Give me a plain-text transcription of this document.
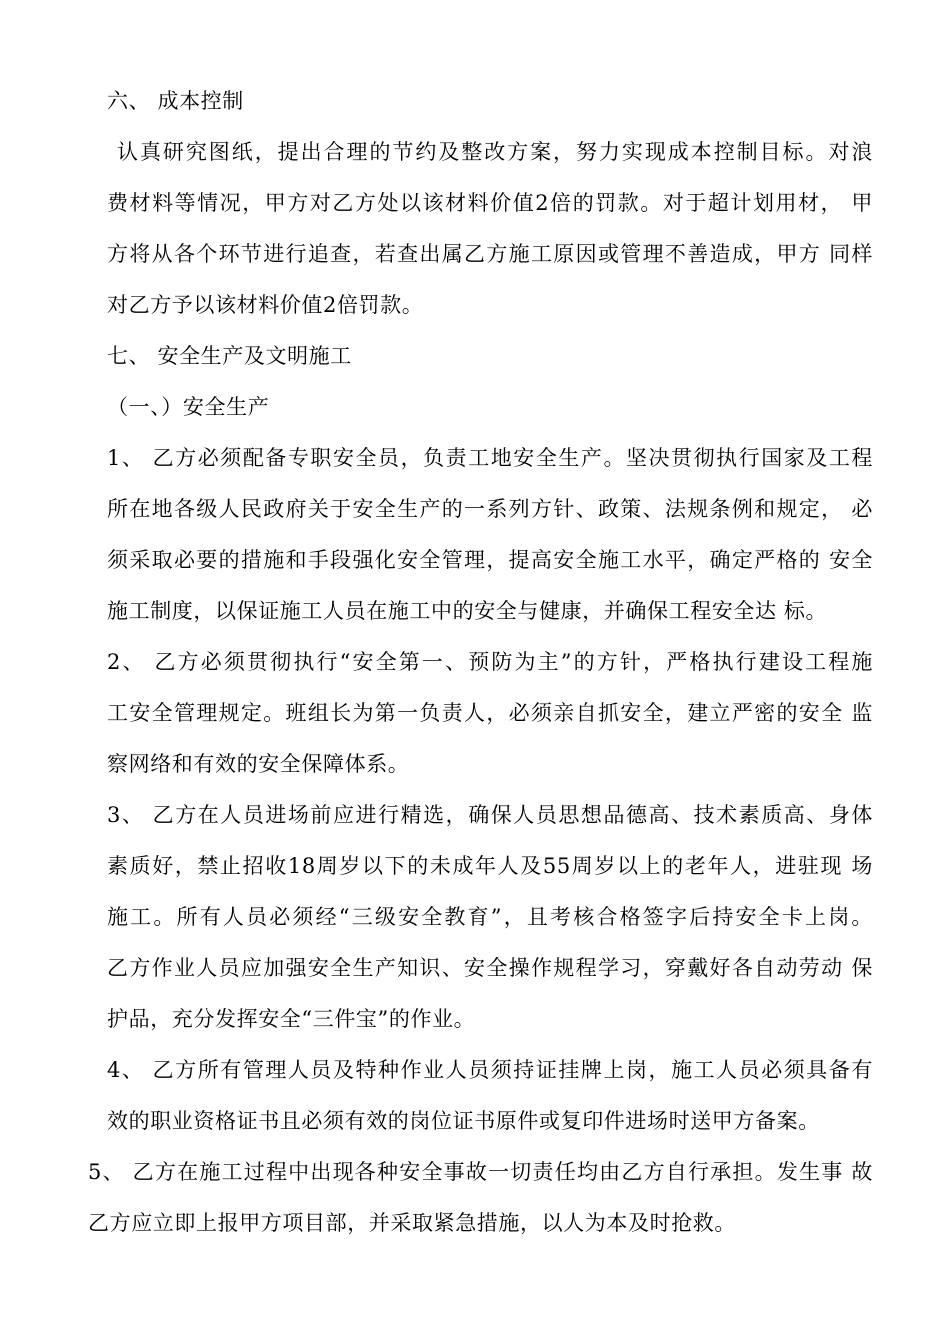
六、 成本控制
认真研究图纸，提出合理的节约及整改方案，努力实现成本控制目标。对浪
费材料等情况，甲方对乙方处以该材料价值2倍的罚款。对于超计划用材， 甲
方将从各个环节进行追查，若查出属乙方施工原因或管理不善造成，甲方 同样
对乙方予以该材料价值2倍罚款。
七、 安全生产及文明施工
（一、）安全生产
1、 乙方必须配备专职安全员，负责工地安全生产。坚决贯彻执行国家及工程
所在地各级人民政府关于安全生产的一系列方针、政策、法规条例和规定， 必
须采取必要的措施和手段强化安全管理，提高安全施工水平，确定严格的 安全
施工制度，以保证施工人员在施工中的安全与健康，并确保工程安全达 标。
2、 乙方必须贯彻执行“安全第一、预防为主”的方针，严格执行建设工程施
工安全管理规定。班组长为第一负责人，必须亲自抓安全，建立严密的安全 监
察网络和有效的安全保障体系。
3、 乙方在人员进场前应进行精选，确保人员思想品德高、技术素质高、身体
素质好，禁止招收18周岁以下的未成年人及55周岁以上的老年人，进驻现 场
施工。所有人员必须经“三级安全教育”，且考核合格签字后持安全卡上岗。
乙方作业人员应加强安全生产知识、安全操作规程学习，穿戴好各自动劳动 保
护品，充分发挥安全“三件宝”的作业。
4、 乙方所有管理人员及特种作业人员须持证挂牌上岗，施工人员必须具备有
效的职业资格证书且必须有效的岗位证书原件或复印件进场时送甲方备案。
5、 乙方在施工过程中出现各种安全事故一切责任均由乙方自行承担。发生事 故
乙方应立即上报甲方项目部，并采取紧急措施，以人为本及时抢救。
